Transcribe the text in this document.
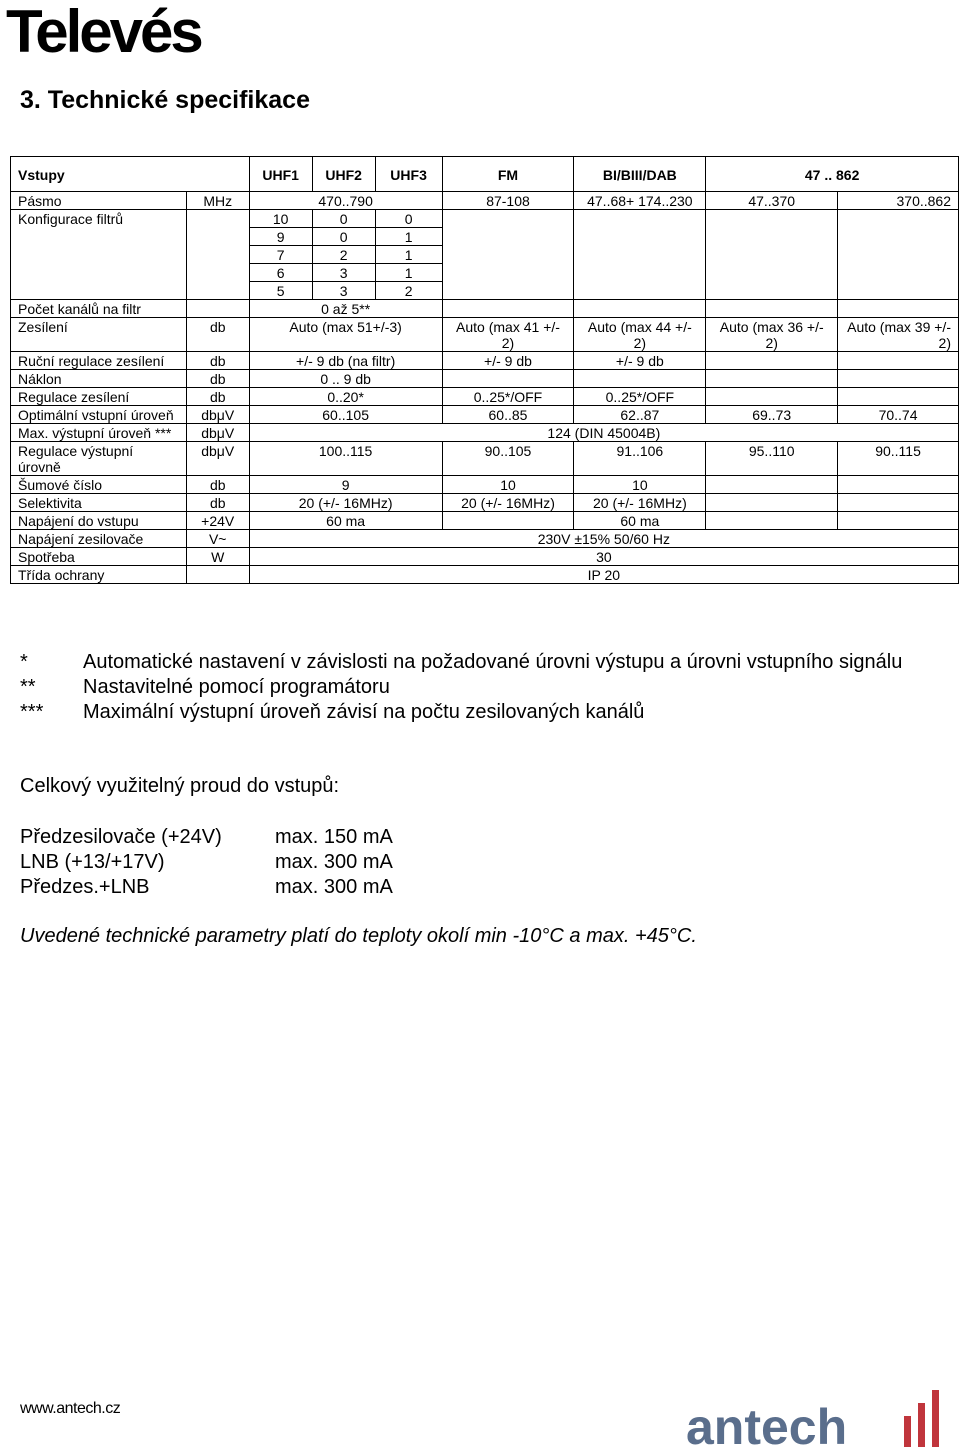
Televés
3. Technické specifikace
Vstupy		UHF1	UHF2	UHF3	FM	BI/BIII/DAB	47 .. 862	
Pásmo	MHz	470..790			87-108	47..68+ 174..230	47..370	370..862
Konfigurace filtrů		10	0	0				
		9	0	1				
		7	2	1				
		6	3	1				
		5	3	2				
Počet kanálů na filtr		0 až 5**						
Zesílení	db	Auto (max 51+/-3)			Auto (max 41 +/- 2)	Auto (max 44 +/- 2)	Auto (max 36 +/- 2)	Auto (max 39 +/- 2)
Ruční regulace zesílení	db	+/- 9 db (na filtr)			+/- 9 db	+/- 9 db		
Náklon	db	0 .. 9 db						
Regulace zesílení	db	0..20*			0..25*/OFF	0..25*/OFF		
Optimální vstupní úroveň	dbμV	60..105			60..85	62..87	69..73	70..74
Max. výstupní úroveň ***	dbμV	124 (DIN 45004B)						
Regulace výstupní úrovně	dbμV	100..115			90..105	91..106	95..110	90..115
Šumové číslo	db	9			10	10		
Selektivita	db	20 (+/- 16MHz)			20 (+/- 16MHz)	20 (+/- 16MHz)		
Napájení do vstupu	+24V	60 ma				60 ma		
Napájení zesilovače	V~	230V ±15% 50/60 Hz						
Spotřeba	W	30						
Třída ochrany		IP 20						
*	Automatické nastavení v závislosti na požadované úrovni výstupu a úrovni vstupního signálu
**	Nastavitelné pomocí programátoru
***	Maximální výstupní úroveň závisí na počtu zesilovaných kanálů
Celkový využitelný proud do vstupů:
Předzesilovače (+24V)	max. 150 mA
LNB (+13/+17V)	max. 300 mA
Předzes.+LNB	max. 300 mA
Uvedené technické parametry platí do teploty okolí min -10°C a max. +45°C.
www.antech.cz	antech
